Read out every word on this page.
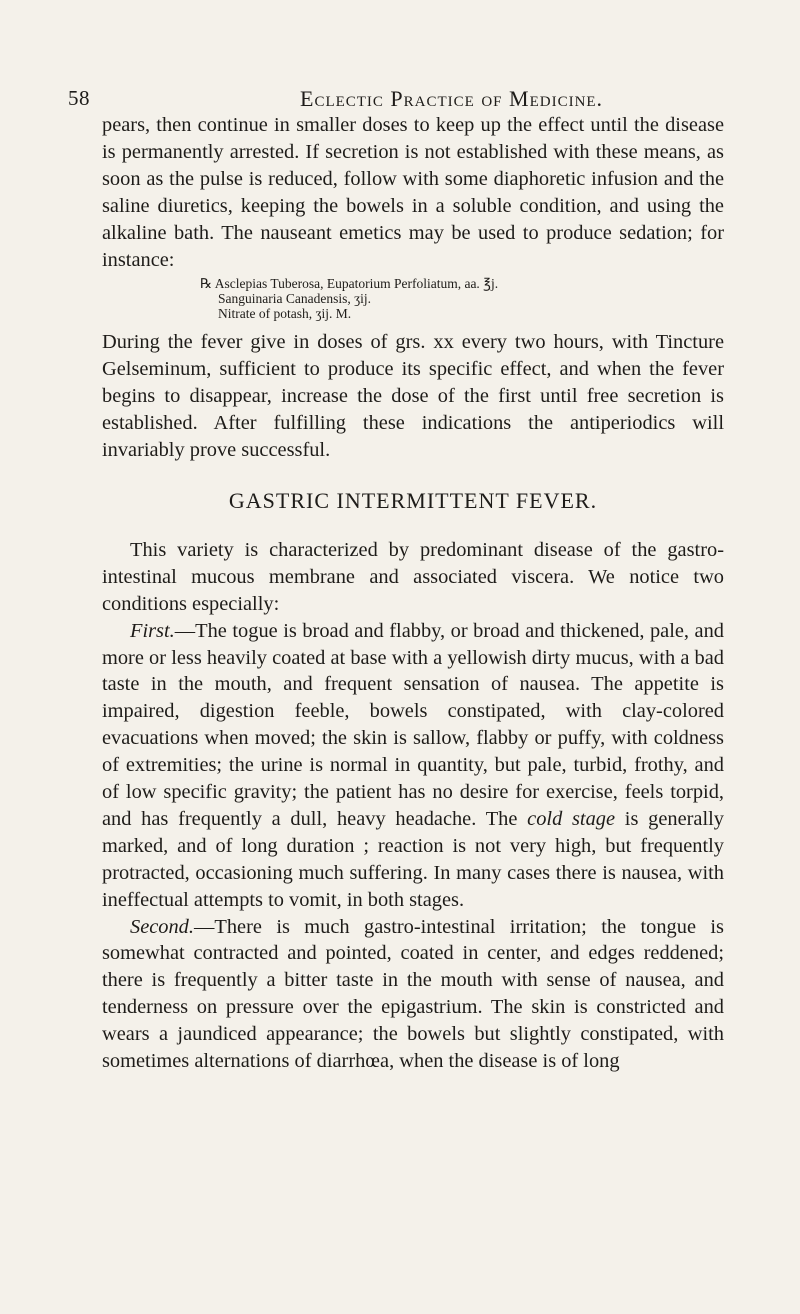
58	Eclectic Practice of Medicine.

pears, then continue in smaller doses to keep up the effect until the disease is permanently arrested. If secretion is not established with these means, as soon as the pulse is reduced, follow with some diaphoretic infusion and the saline diuretics, keeping the bowels in a soluble condition, and using the alkaline bath. The nauseant emetics may be used to produce sedation; for instance:

℞ Asclepias Tuberosa, Eupatorium Perfoliatum, aa. ℥j.
Sanguinaria Canadensis, ʒij.
Nitrate of potash, ʒij. M.

During the fever give in doses of grs. xx every two hours, with Tincture Gelseminum, sufficient to produce its specific effect, and when the fever begins to disappear, increase the dose of the first until free secretion is established. After fulfilling these indications the antiperiodics will invariably prove successful.

GASTRIC INTERMITTENT FEVER.

This variety is characterized by predominant disease of the gastro-intestinal mucous membrane and associated viscera. We notice two conditions especially:

First.—The togue is broad and flabby, or broad and thickened, pale, and more or less heavily coated at base with a yellowish dirty mucus, with a bad taste in the mouth, and frequent sensation of nausea. The appetite is impaired, digestion feeble, bowels constipated, with clay-colored evacuations when moved; the skin is sallow, flabby or puffy, with coldness of extremities; the urine is normal in quantity, but pale, turbid, frothy, and of low specific gravity; the patient has no desire for exercise, feels torpid, and has frequently a dull, heavy headache. The cold stage is generally marked, and of long duration ; reaction is not very high, but frequently protracted, occasioning much suffering. In many cases there is nausea, with ineffectual attempts to vomit, in both stages.

Second.—There is much gastro-intestinal irritation; the tongue is somewhat contracted and pointed, coated in center, and edges reddened; there is frequently a bitter taste in the mouth with sense of nausea, and tenderness on pressure over the epigastrium. The skin is constricted and wears a jaundiced appearance; the bowels but slightly constipated, with sometimes alternations of diarrhœa, when the disease is of long
